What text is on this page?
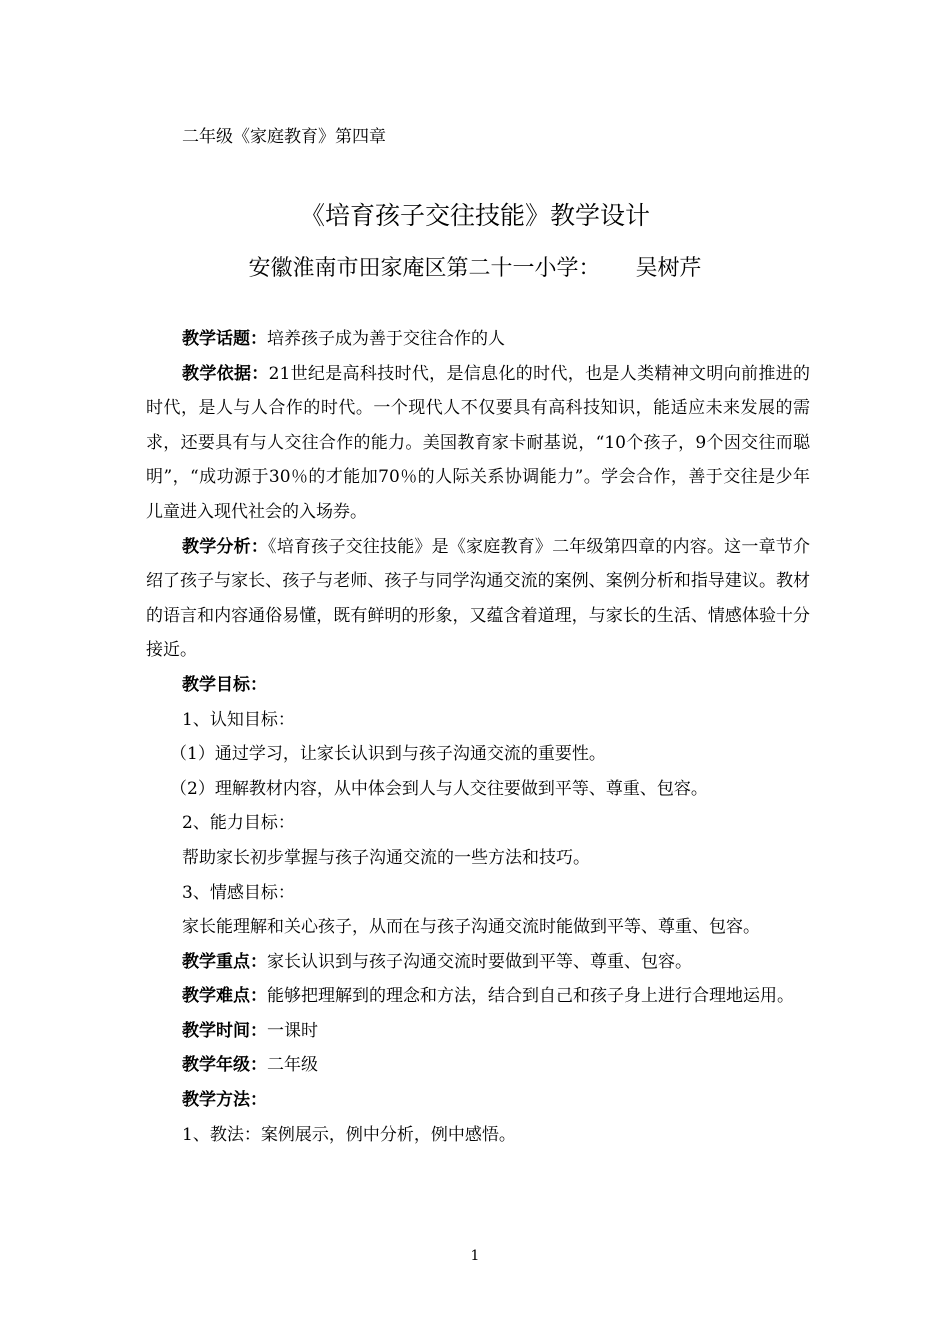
二年级《家庭教育》第四章
《培育孩子交往技能》教学设计
安徽淮南市田家庵区第二十一小学：     吴树芹

教学话题：培养孩子成为善于交往合作的人

教学依据：21世纪是高科技时代，是信息化的时代，也是人类精神文明向前推进的时代，是人与人合作的时代。一个现代人不仅要具有高科技知识，能适应未来发展的需求，还要具有与人交往合作的能力。美国教育家卡耐基说，“10个孩子，9个因交往而聪明”，“成功源于30％的才能加70％的人际关系协调能力”。学会合作，善于交往是少年儿童进入现代社会的入场券。

教学分析：《培育孩子交往技能》是《家庭教育》二年级第四章的内容。这一章节介绍了孩子与家长、孩子与老师、孩子与同学沟通交流的案例、案例分析和指导建议。教材的语言和内容通俗易懂，既有鲜明的形象，又蕴含着道理，与家长的生活、情感体验十分接近。

教学目标：

1、认知目标：

（1）通过学习，让家长认识到与孩子沟通交流的重要性。

（2）理解教材内容，从中体会到人与人交往要做到平等、尊重、包容。

2、能力目标：

帮助家长初步掌握与孩子沟通交流的一些方法和技巧。

3、情感目标：

家长能理解和关心孩子，从而在与孩子沟通交流时能做到平等、尊重、包容。

教学重点：家长认识到与孩子沟通交流时要做到平等、尊重、包容。

教学难点：能够把理解到的理念和方法，结合到自己和孩子身上进行合理地运用。

教学时间：一课时

教学年级：二年级

教学方法：

1、教法：案例展示，例中分析，例中感悟。

1
